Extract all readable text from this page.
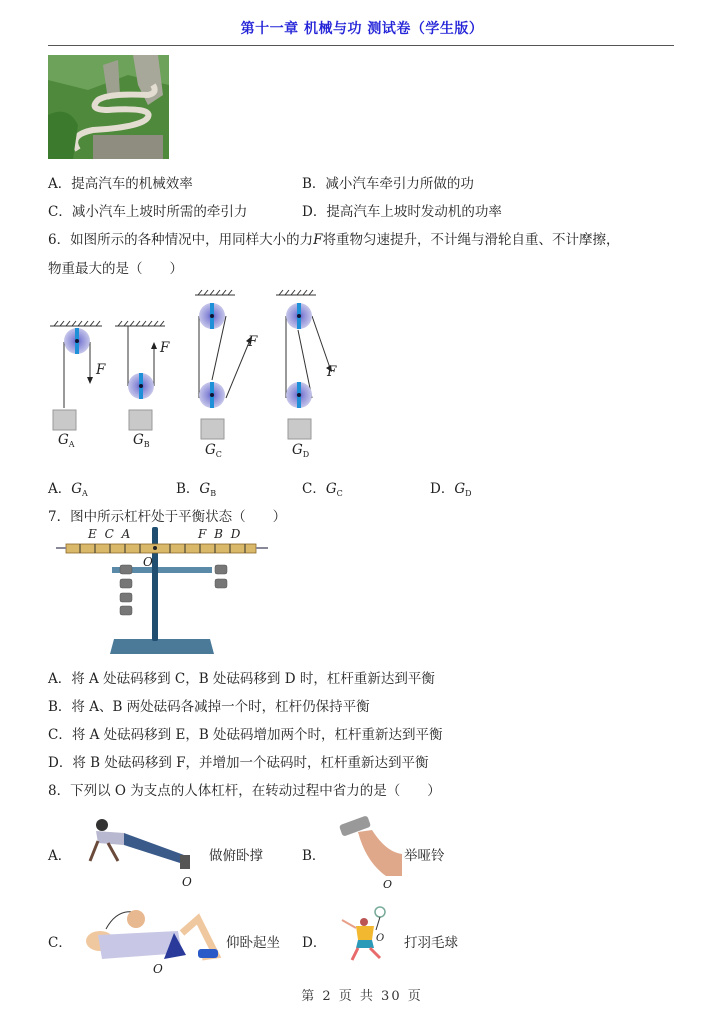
第十一章 机械与功 测试卷（学生版）
A．提高汽车的机械效率	B．减小汽车牵引力所做的功
C．减小汽车上坡时所需的牵引力	D．提高汽车上坡时发动机的功率
6．如图所示的各种情况中，用同样大小的力F将重物匀速提升，不计绳与滑轮自重、不计摩擦，
物重最大的是（　　）
F
F	F
F
$G_A$	$G_B$	$G_C$	$G_D$
A．$G_A$	B．$G_B$	C．$G_C$	D．$G_D$
7．图中所示杠杆处于平衡状态（　　）
E C A	F B D
O
A．将 A 处砝码移到 C，B 处砝码移到 D 时，杠杆重新达到平衡
B．将 A、B 两处砝码各减掉一个时，杠杆仍保持平衡
C．将 A 处砝码移到 E，B 处砝码增加两个时，杠杆重新达到平衡
D．将 B 处砝码移到 F，并增加一个砝码时，杠杆重新达到平衡
8．下列以 O 为支点的人体杠杆，在转动过程中省力的是（　　）
A．
O
做俯卧撑	B．
O
举哑铃
C．
O
仰卧起坐 D．	O 打羽毛球
第 2 页 共 30 页
